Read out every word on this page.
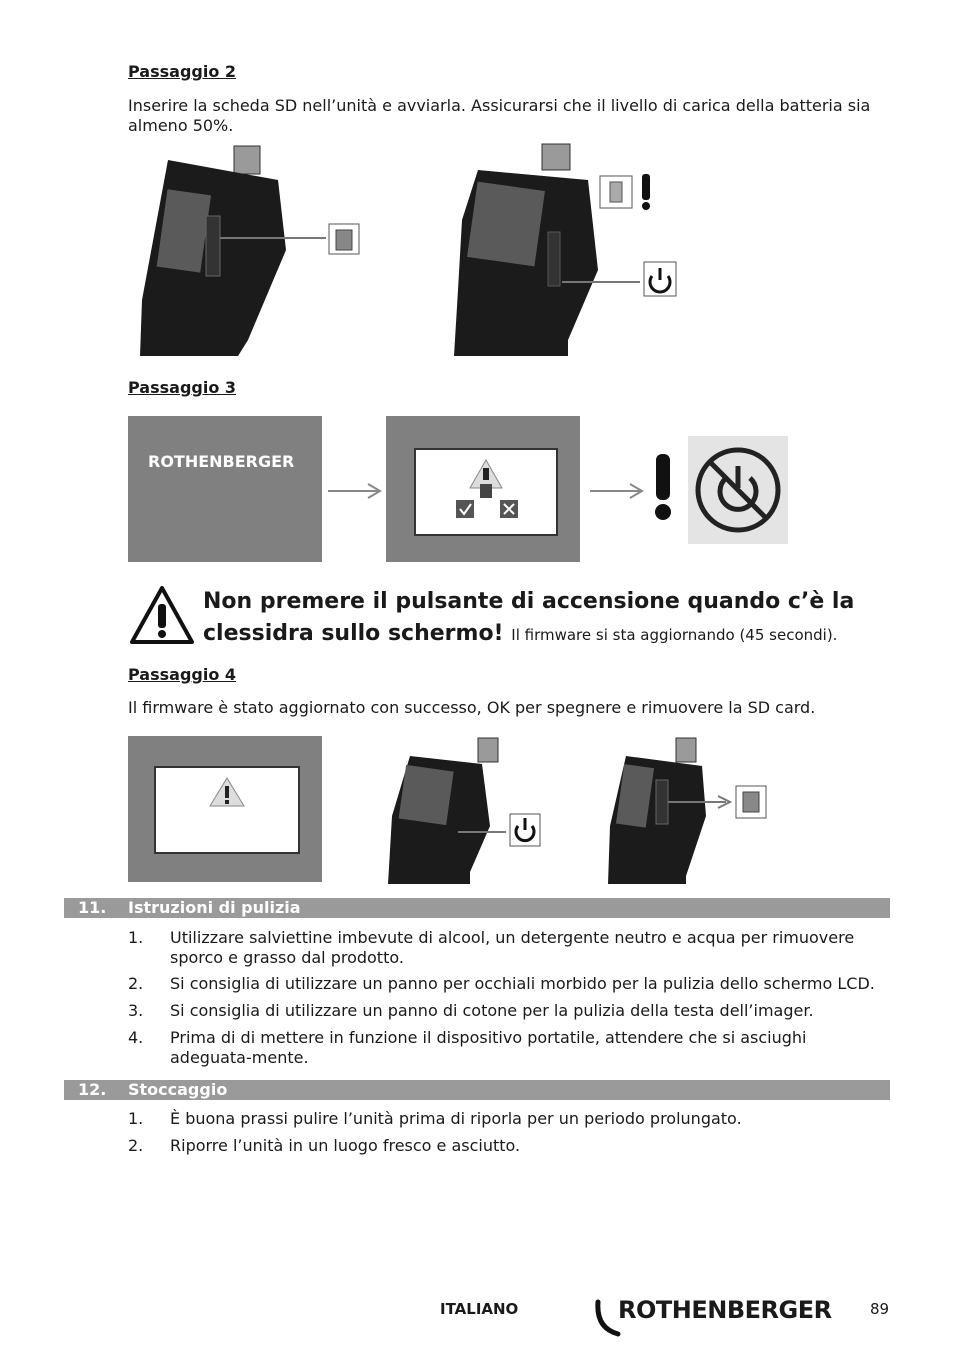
Passaggio 2
Inserire la scheda SD nell’unità e avviarla. Assicurarsi che il livello di carica della batteria sia almeno 50%.
Passaggio 3
ROTHENBERGER
Non premere il pulsante di accensione quando c’è la
clessidra sullo schermo! Il firmware si sta aggiornando (45 secondi).
Passaggio 4
Il firmware è stato aggiornato con successo, OK per spegnere e rimuovere la SD card.
11. Istruzioni di pulizia
1. Utilizzare salviettine imbevute di alcool, un detergente neutro e acqua per rimuovere sporco e grasso dal prodotto.
2. Si consiglia di utilizzare un panno per occhiali morbido per la pulizia dello schermo LCD.
3. Si consiglia di utilizzare un panno di cotone per la pulizia della testa dell’imager.
4. Prima di di mettere in funzione il dispositivo portatile, attendere che si asciughi adeguata-mente.
12. Stoccaggio
1. È buona prassi pulire l’unità prima di riporla per un periodo prolungato.
2. Riporre l’unità in un luogo fresco e asciutto.
ITALIANO	ROTHENBERGER	89
